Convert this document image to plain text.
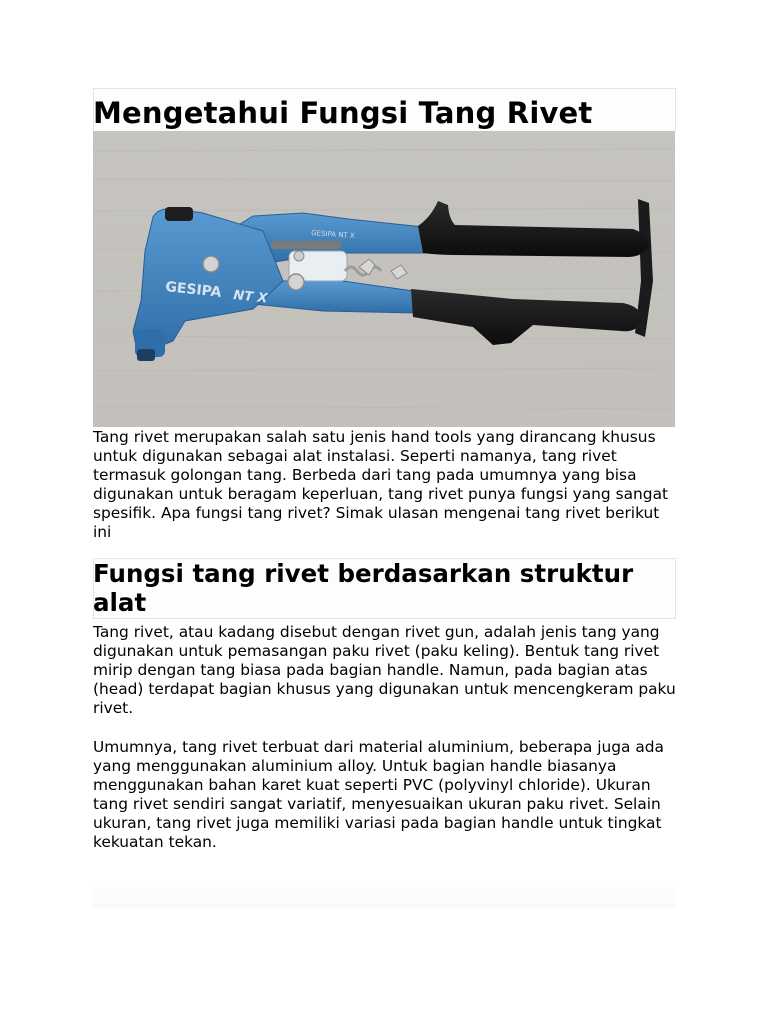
Mengetahui Fungsi Tang Rivet
GESIPA NT X
GESIPA NT X

Tang rivet merupakan salah satu jenis hand tools yang dirancang khusus untuk digunakan sebagai alat instalasi. Seperti namanya, tang rivet termasuk golongan tang. Berbeda dari tang pada umumnya yang bisa digunakan untuk beragam keperluan, tang rivet punya fungsi yang sangat spesifik. Apa fungsi tang rivet? Simak ulasan mengenai tang rivet berikut ini

Fungsi tang rivet berdasarkan struktur alat

Tang rivet, atau kadang disebut dengan rivet gun, adalah jenis tang yang digunakan untuk pemasangan paku rivet (paku keling). Bentuk tang rivet mirip dengan tang biasa pada bagian handle. Namun, pada bagian atas (head) terdapat bagian khusus yang digunakan untuk mencengkeram paku rivet.

Umumnya, tang rivet terbuat dari material aluminium, beberapa juga ada yang menggunakan aluminium alloy. Untuk bagian handle biasanya menggunakan bahan karet kuat seperti PVC (polyvinyl chloride). Ukuran tang rivet sendiri sangat variatif, menyesuaikan ukuran paku rivet. Selain ukuran, tang rivet juga memiliki variasi pada bagian handle untuk tingkat kekuatan tekan.
